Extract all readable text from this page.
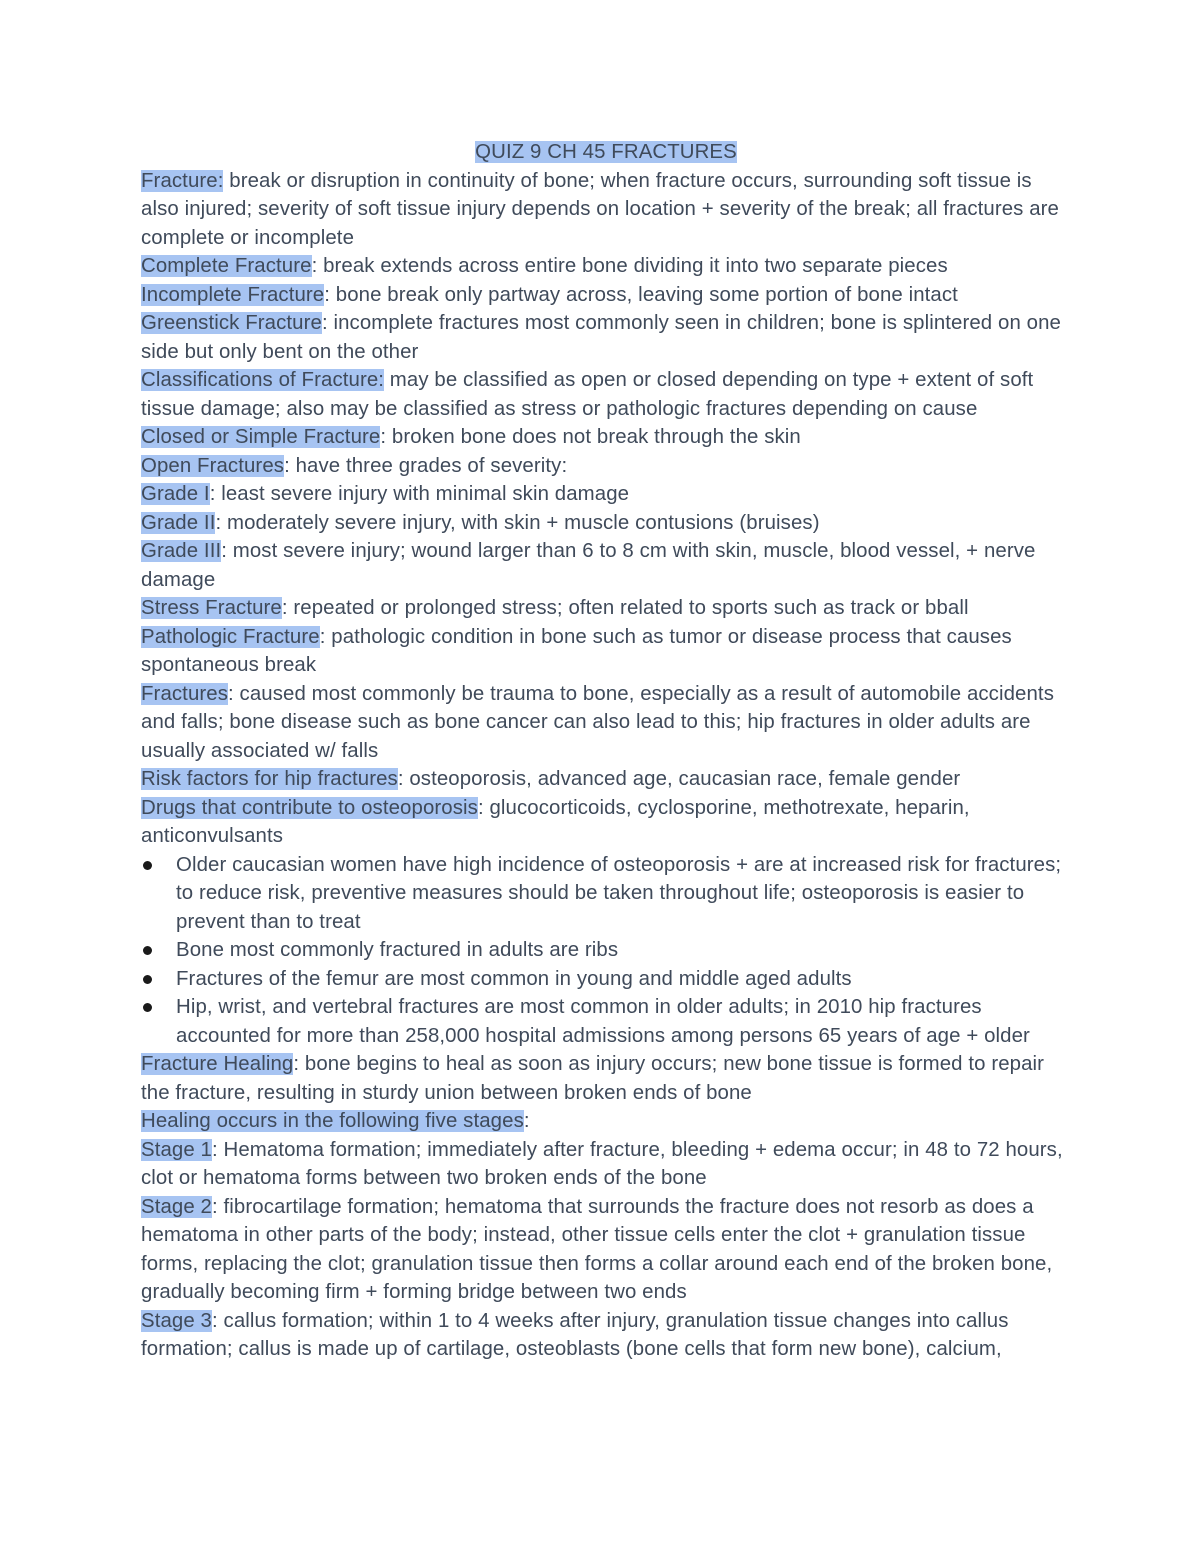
QUIZ 9 CH 45 FRACTURES

Fracture: break or disruption in continuity of bone; when fracture occurs, surrounding soft tissue is also injured; severity of soft tissue injury depends on location + severity of the break; all fractures are complete or incomplete

Complete Fracture: break extends across entire bone dividing it into two separate pieces

Incomplete Fracture: bone break only partway across, leaving some portion of bone intact

Greenstick Fracture: incomplete fractures most commonly seen in children; bone is splintered on one side but only bent on the other

Classifications of Fracture: may be classified as open or closed depending on type + extent of soft tissue damage; also may be classified as stress or pathologic fractures depending on cause

Closed or Simple Fracture: broken bone does not break through the skin

Open Fractures: have three grades of severity:

Grade I: least severe injury with minimal skin damage

Grade II: moderately severe injury, with skin + muscle contusions (bruises)

Grade III: most severe injury; wound larger than 6 to 8 cm with skin, muscle, blood vessel, + nerve damage

Stress Fracture: repeated or prolonged stress; often related to sports such as track or bball

Pathologic Fracture: pathologic condition in bone such as tumor or disease process that causes spontaneous break

Fractures: caused most commonly be trauma to bone, especially as a result of automobile accidents and falls; bone disease such as bone cancer can also lead to this; hip fractures in older adults are usually associated w/ falls

Risk factors for hip fractures: osteoporosis, advanced age, caucasian race, female gender

Drugs that contribute to osteoporosis: glucocorticoids, cyclosporine, methotrexate, heparin, anticonvulsants

Older caucasian women have high incidence of osteoporosis + are at increased risk for fractures; to reduce risk, preventive measures should be taken throughout life; osteoporosis is easier to prevent than to treat
Bone most commonly fractured in adults are ribs
Fractures of the femur are most common in young and middle aged adults
Hip, wrist, and vertebral fractures are most common in older adults; in 2010 hip fractures accounted for more than 258,000 hospital admissions among persons 65 years of age + older

Fracture Healing: bone begins to heal as soon as injury occurs; new bone tissue is formed to repair the fracture, resulting in sturdy union between broken ends of bone

Healing occurs in the following five stages:

Stage 1: Hematoma formation; immediately after fracture, bleeding + edema occur; in 48 to 72 hours, clot or hematoma forms between two broken ends of the bone

Stage 2: fibrocartilage formation; hematoma that surrounds the fracture does not resorb as does a hematoma in other parts of the body; instead, other tissue cells enter the clot + granulation tissue forms, replacing the clot; granulation tissue then forms a collar around each end of the broken bone, gradually becoming firm + forming bridge between two ends

Stage 3: callus formation; within 1 to 4 weeks after injury, granulation tissue changes into callus formation; callus is made up of cartilage, osteoblasts (bone cells that form new bone), calcium,
